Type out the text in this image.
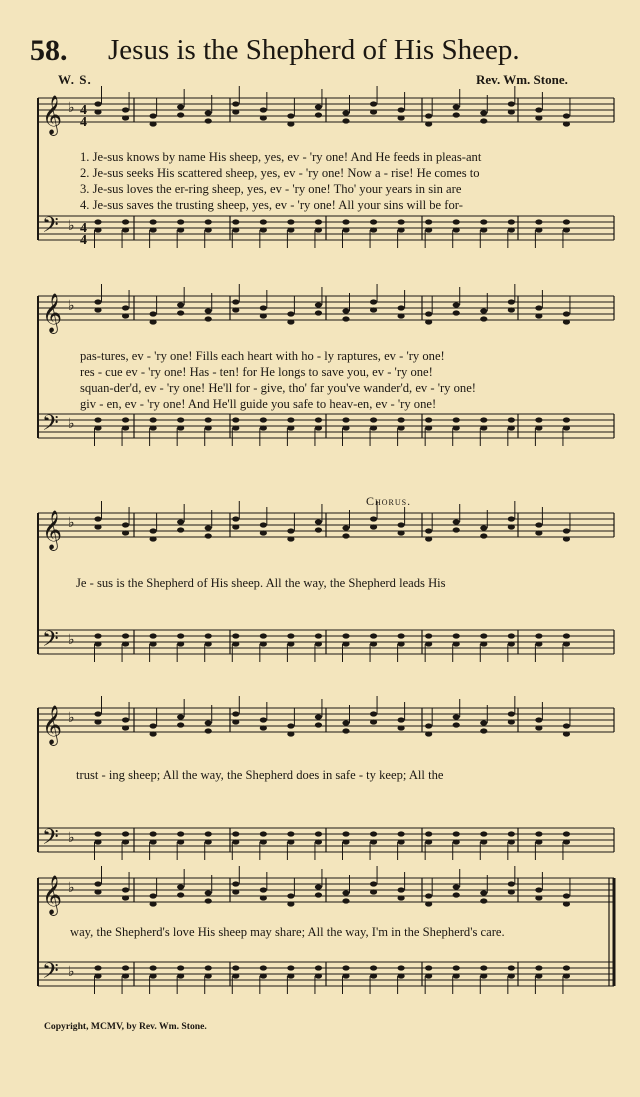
58. Jesus is the Shepherd of His Sheep.
W. S.	Rev. Wm. Stone.
𝄞 ♭
𝄢 ♭
𝄞 ♭
𝄢 ♭
𝄞 ♭
𝄢 ♭
𝄞 ♭
𝄢 ♭
𝄞 ♭
𝄢 ♭
4
4
4
4
1. Je-sus knows by name His sheep, yes, ev - 'ry one! And He feeds in pleas-ant
2. Je-sus seeks His scattered sheep, yes, ev - 'ry one! Now a - rise! He comes to
3. Je-sus loves the er-ring sheep, yes, ev - 'ry one! Tho' your years in sin are
4. Je-sus saves the trusting sheep, yes, ev - 'ry one! All your sins will be for-
pas-tures, ev - 'ry one! Fills each heart with ho - ly raptures, ev - 'ry one!
res - cue ev - 'ry one! Has - ten! for He longs to save you, ev - 'ry one!
squan-der'd, ev - 'ry one! He'll for - give, tho' far you've wander'd, ev - 'ry one!
giv - en, ev - 'ry one! And He'll guide you safe to heav-en, ev - 'ry one!
Chorus.
Je - sus is the Shepherd of His sheep. All the way, the Shepherd leads His
trust - ing sheep; All the way, the Shepherd does in safe - ty keep; All the
way, the Shepherd's love His sheep may share; All the way, I'm in the Shepherd's care.
Copyright, MCMV, by Rev. Wm. Stone.
